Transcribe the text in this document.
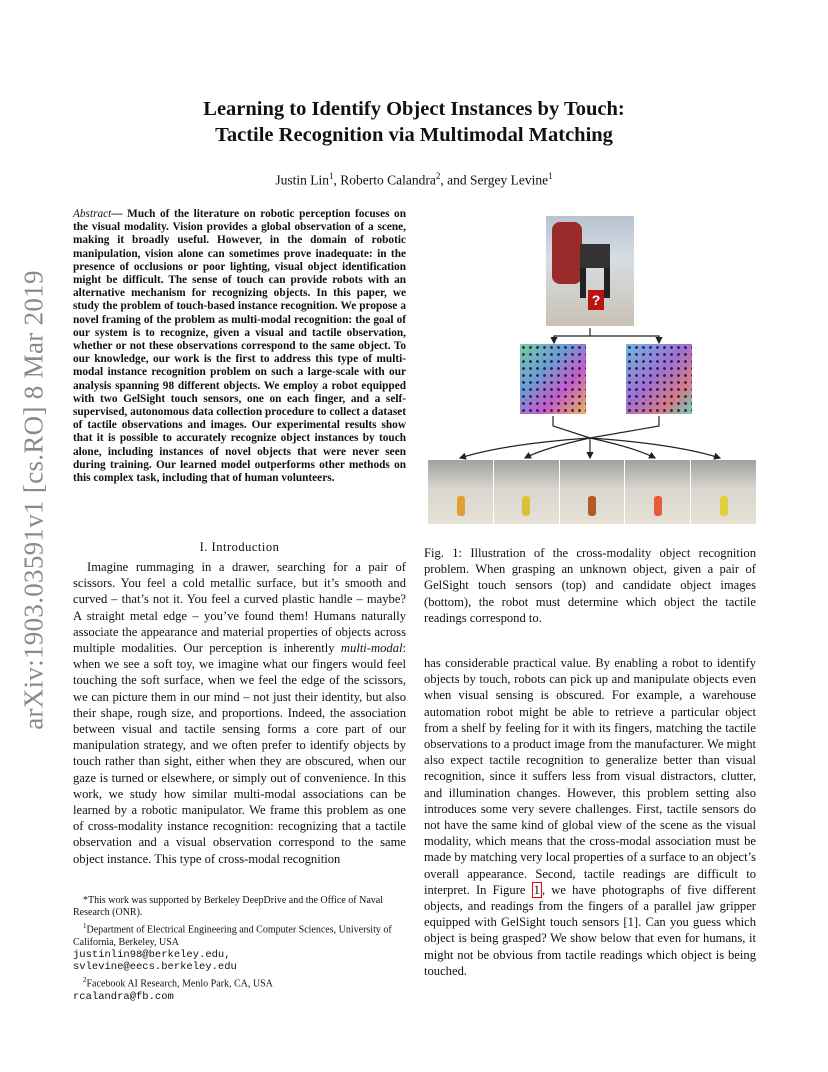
Learning to Identify Object Instances by Touch:
Tactile Recognition via Multimodal Matching
Justin Lin$^1$, Roberto Calandra$^2$, and Sergey Levine$^1$
arXiv:1903.03591v1 [cs.RO] 8 Mar 2019
Abstract— Much of the literature on robotic perception focuses on the visual modality. Vision provides a global observation of a scene, making it broadly useful. However, in the domain of robotic manipulation, vision alone can sometimes prove inadequate: in the presence of occlusions or poor lighting, visual object identification might be difficult. The sense of touch can provide robots with an alternative mechanism for recognizing objects. In this paper, we study the problem of touch-based instance recognition. We propose a novel framing of the problem as multi-modal recognition: the goal of our system is to recognize, given a visual and tactile observation, whether or not these observations correspond to the same object. To our knowledge, our work is the first to address this type of multi-modal instance recognition problem on such a large-scale with our analysis spanning 98 different objects. We employ a robot equipped with two GelSight touch sensors, one on each finger, and a self-supervised, autonomous data collection procedure to collect a dataset of tactile observations and images. Our experimental results show that it is possible to accurately recognize object instances by touch alone, including instances of novel objects that were never seen during training. Our learned model outperforms other methods on this complex task, including that of human volunteers.
I. Introduction
Imagine rummaging in a drawer, searching for a pair of scissors. You feel a cold metallic surface, but it’s smooth and curved – that’s not it. You feel a curved plastic handle – maybe? A straight metal edge – you’ve found them! Humans naturally associate the appearance and material properties of objects across multiple modalities. Our perception is inherently multi-modal: when we see a soft toy, we imagine what our fingers would feel touching the soft surface, when we feel the edge of the scissors, we can picture them in our mind – not just their identity, but also their shape, rough size, and proportions. Indeed, the association between visual and tactile sensing forms a core part of our manipulation strategy, and we often prefer to identify objects by touch rather than sight, either when they are obscured, when our gaze is turned or elsewhere, or simply out of convenience. In this work, we study how similar multi-modal associations can be learned by a robotic manipulator. We frame this problem as one of cross-modality instance recognition: recognizing that a tactile observation and a visual observation correspond to the same object instance. This type of cross-modal recognition

*This work was supported by Berkeley DeepDrive and the Office of Naval Research (ONR).

$^1$Department of Electrical Engineering and Computer Sciences, University of California, Berkeley, USA

justinlin98@berkeley.edu,

svlevine@eecs.berkeley.edu

$^2$Facebook AI Research, Menlo Park, CA, USA

rcalandra@fb.com

?
Fig. 1: Illustration of the cross-modality object recognition problem. When grasping an unknown object, given a pair of GelSight touch sensors (top) and candidate object images (bottom), the robot must determine which object the tactile readings correspond to.
has considerable practical value. By enabling a robot to identify objects by touch, robots can pick up and manipulate objects even when visual sensing is obscured. For example, a warehouse automation robot might be able to retrieve a particular object from a shelf by feeling for it with its fingers, matching the tactile observations to a product image from the manufacturer. We might also expect tactile recognition to generalize better than visual recognition, since it suffers less from visual distractors, clutter, and illumination changes. However, this problem setting also introduces some very severe challenges. First, tactile sensors do not have the same kind of global view of the scene as the visual modality, which means that the cross-modal association must be made by matching very local properties of a surface to an object’s overall appearance. Second, tactile readings are difficult to interpret. In Figure 1 , we have photographs of five different objects, and readings from the fingers of a parallel jaw gripper equipped with GelSight touch sensors [1]. Can you guess which object is being grasped? We show below that even for humans, it might not be obvious from tactile readings which object is being touched.
